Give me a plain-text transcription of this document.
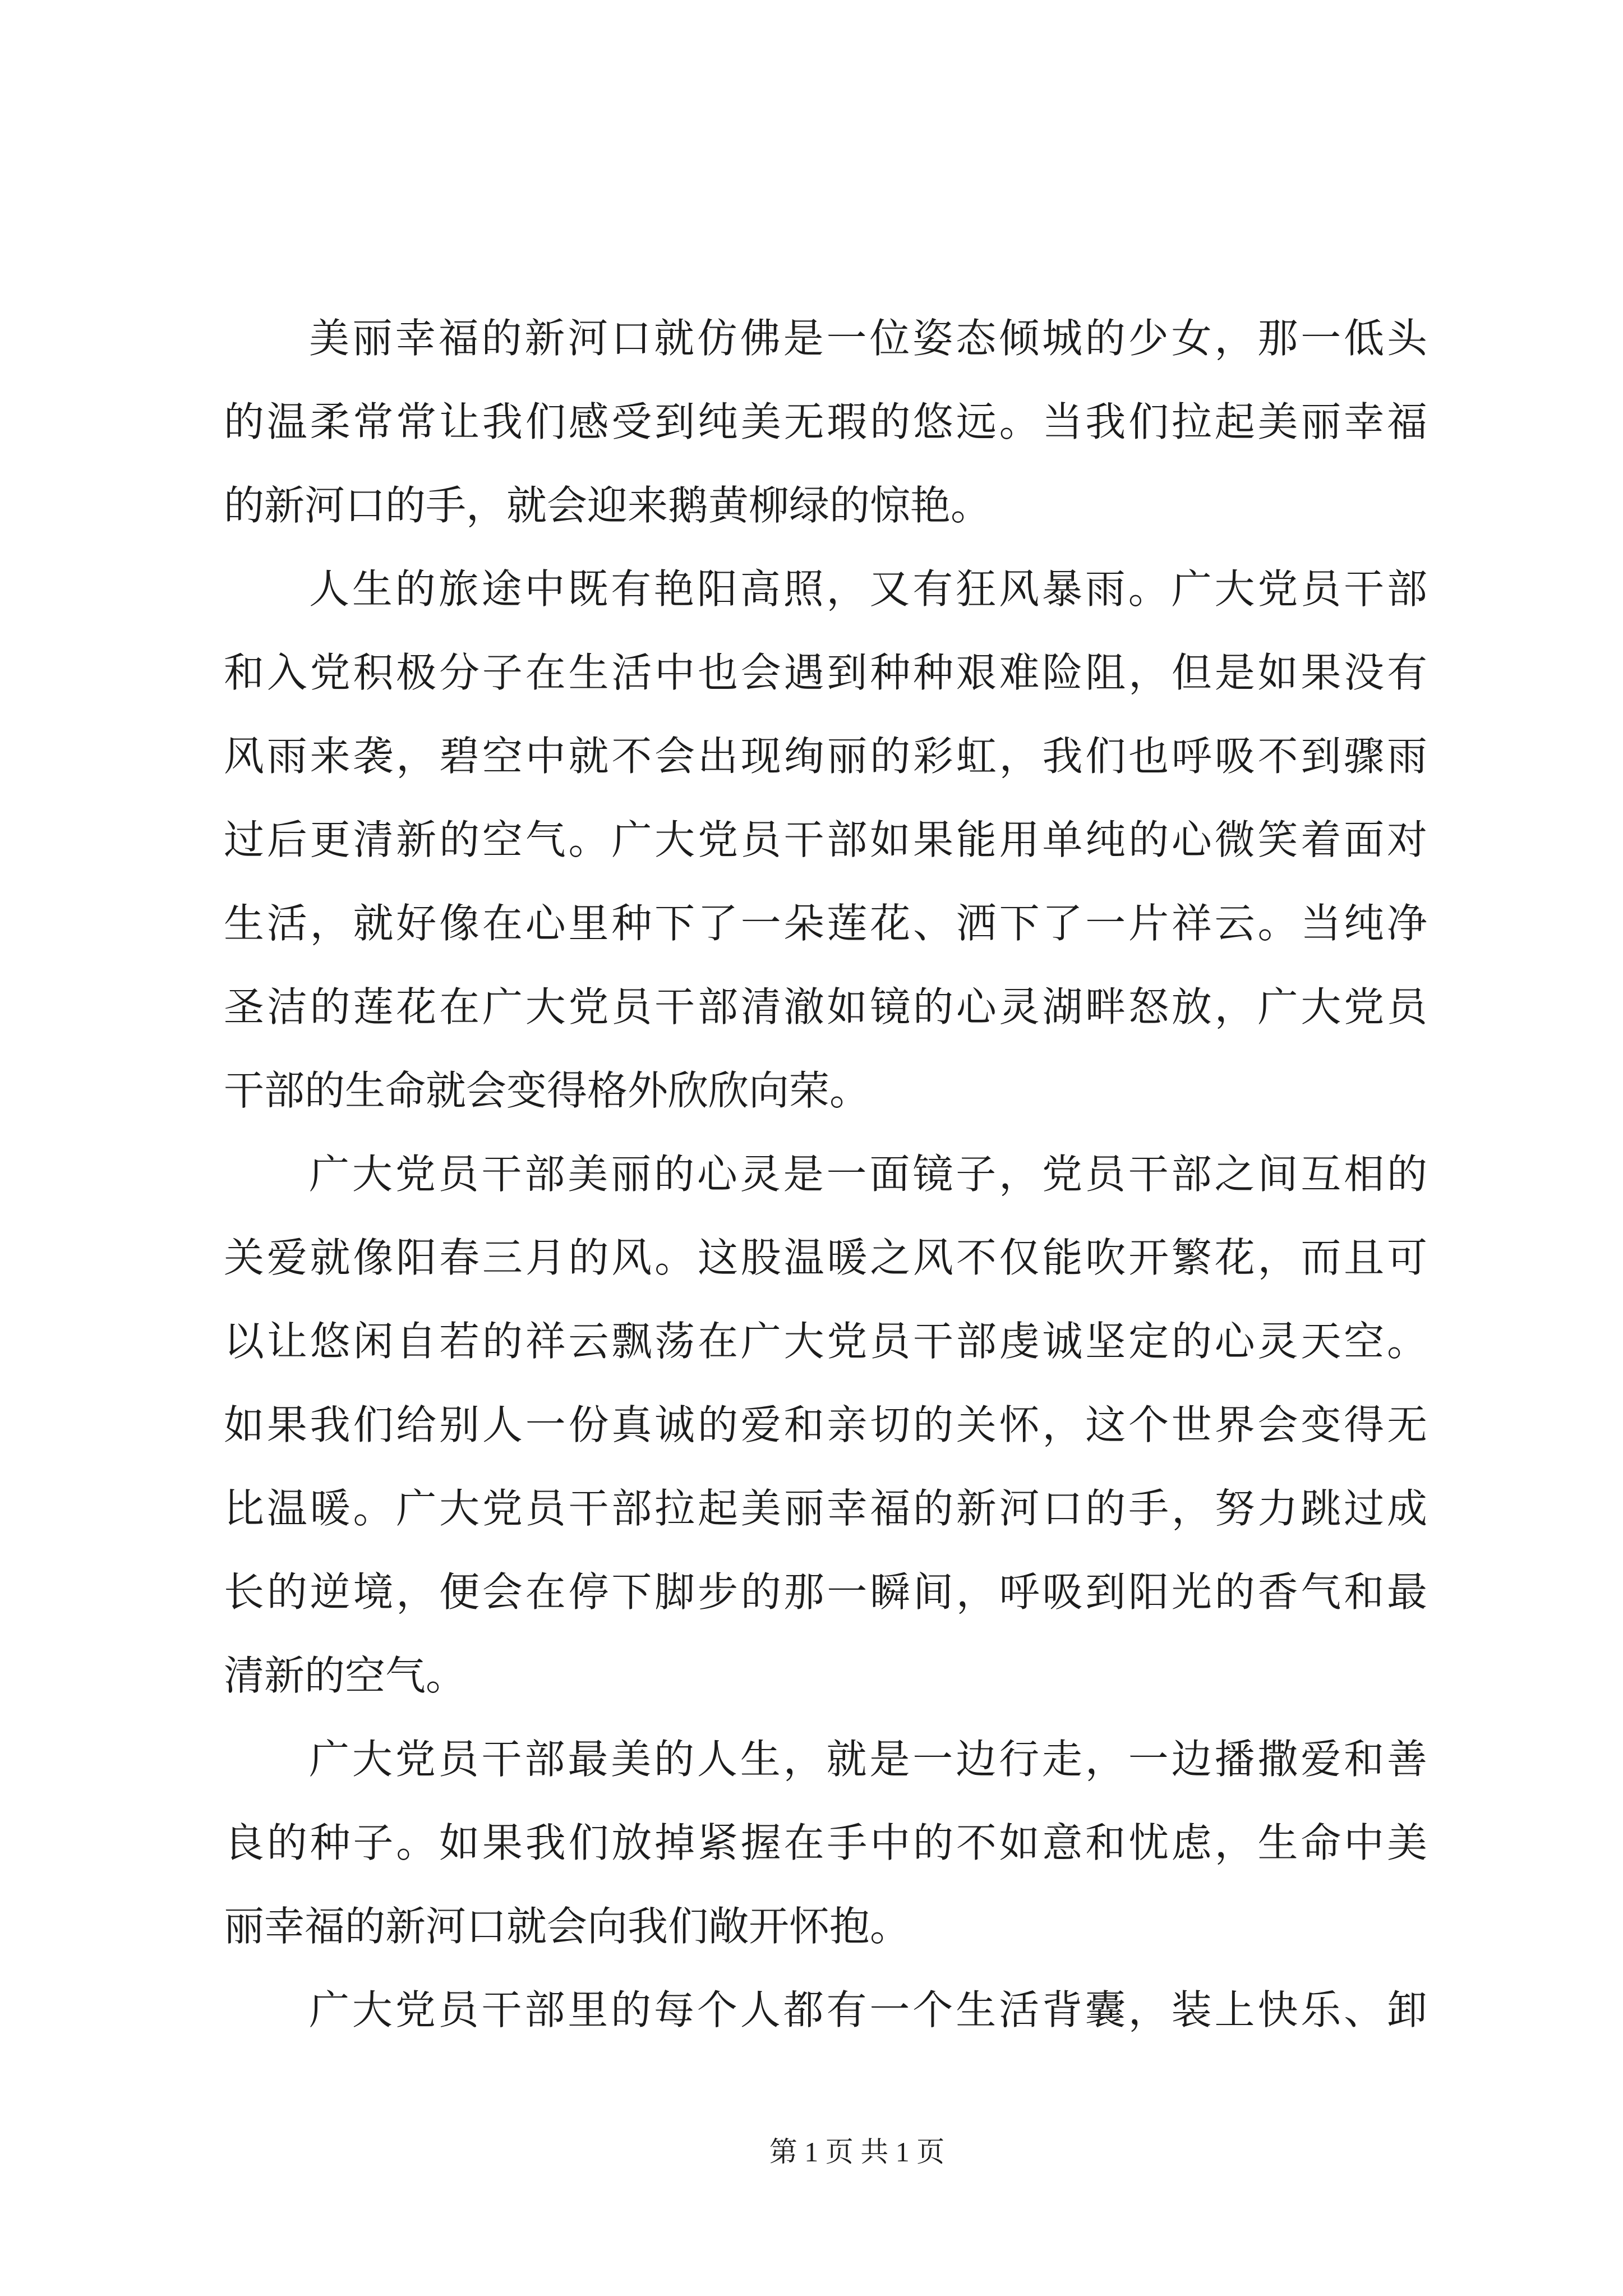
美丽幸福的新河口就仿佛是一位姿态倾城的少女，那一低头
的温柔常常让我们感受到纯美无瑕的悠远。当我们拉起美丽幸福
的新河口的手，就会迎来鹅黄柳绿的惊艳。
人生的旅途中既有艳阳高照，又有狂风暴雨。广大党员干部
和入党积极分子在生活中也会遇到种种艰难险阻，但是如果没有
风雨来袭，碧空中就不会出现绚丽的彩虹，我们也呼吸不到骤雨
过后更清新的空气。广大党员干部如果能用单纯的心微笑着面对
生活，就好像在心里种下了一朵莲花、洒下了一片祥云。当纯净
圣洁的莲花在广大党员干部清澈如镜的心灵湖畔怒放，广大党员
干部的生命就会变得格外欣欣向荣。
广大党员干部美丽的心灵是一面镜子，党员干部之间互相的
关爱就像阳春三月的风。这股温暖之风不仅能吹开繁花，而且可
以让悠闲自若的祥云飘荡在广大党员干部虔诚坚定的心灵天空。
如果我们给别人一份真诚的爱和亲切的关怀，这个世界会变得无
比温暖。广大党员干部拉起美丽幸福的新河口的手，努力跳过成
长的逆境，便会在停下脚步的那一瞬间，呼吸到阳光的香气和最
清新的空气。
广大党员干部最美的人生，就是一边行走，一边播撒爱和善
良的种子。如果我们放掉紧握在手中的不如意和忧虑，生命中美
丽幸福的新河口就会向我们敞开怀抱。
广大党员干部里的每个人都有一个生活背囊，装上快乐、卸
第 1 页 共 1 页
